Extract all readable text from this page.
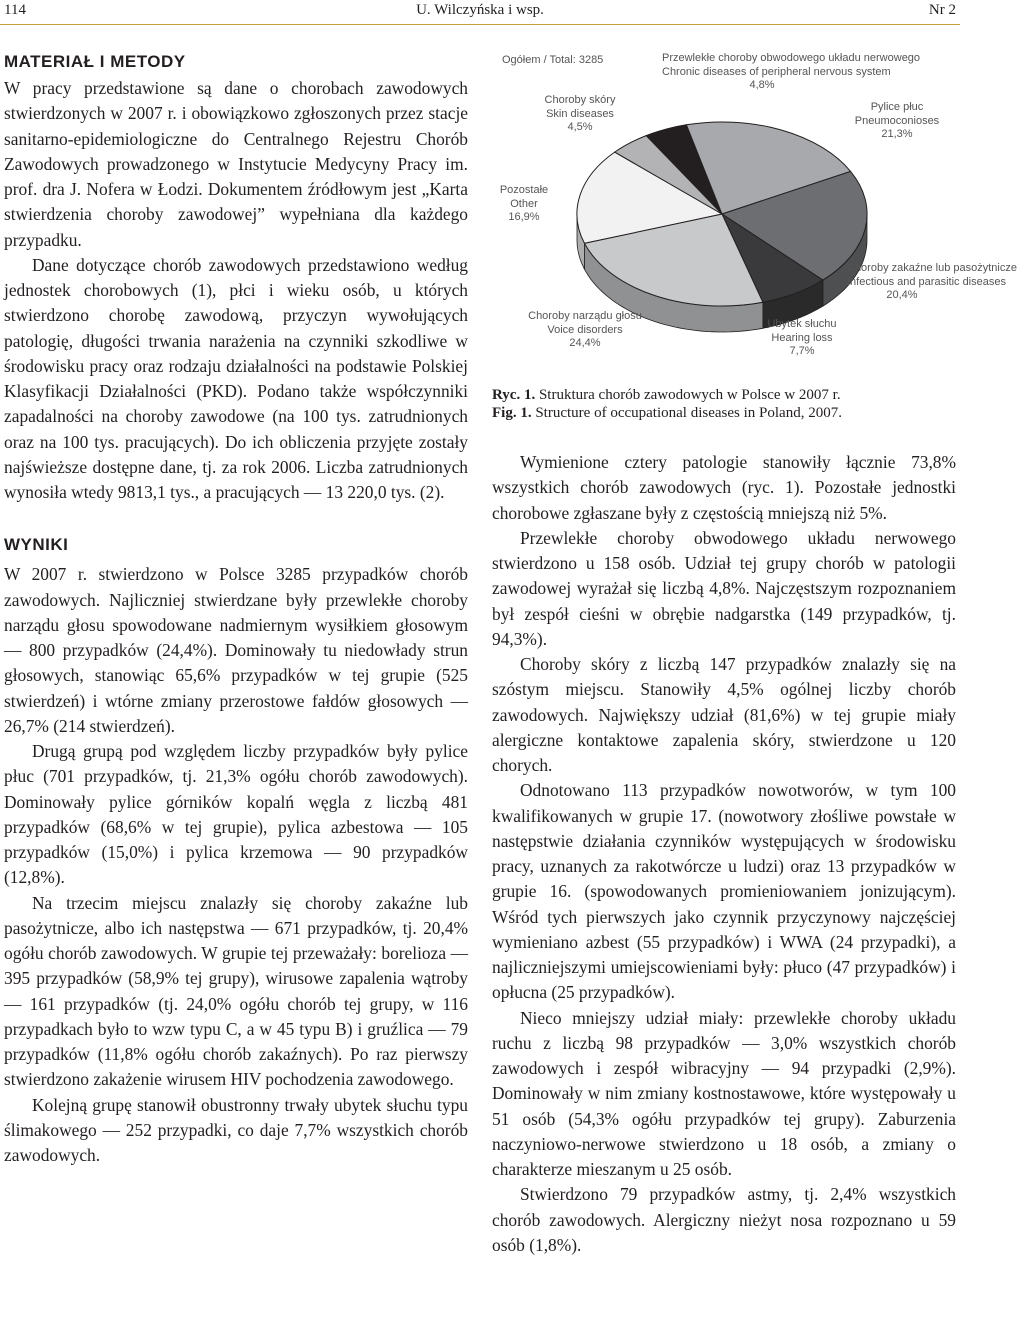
114	U. Wilczyńska i wsp.	Nr 2
MATERIAŁ I METODY

W pracy przedstawione są dane o chorobach zawodowych stwierdzonych w 2007 r. i obowiązkowo zgłoszonych przez stacje sanitarno-epidemiologiczne do Centralnego Rejestru Chorób Zawodowych prowadzonego w Instytucie Medycyny Pracy im. prof. dra J. Nofera w Łodzi. Dokumentem źródłowym jest „Karta stwierdzenia choroby zawodowej” wypełniana dla każdego przypadku.

Dane dotyczące chorób zawodowych przedstawiono według jednostek chorobowych (1), płci i wieku osób, u których stwierdzono chorobę zawodową, przyczyn wywołujących patologię, długości trwania narażenia na czynniki szkodliwe w środowisku pracy oraz rodzaju działalności na podstawie Polskiej Klasyfikacji Działalności (PKD). Podano także współczynniki zapadalności na choroby zawodowe (na 100 tys. zatrudnionych oraz na 100 tys. pracujących). Do ich obliczenia przyjęte zostały najświeższe dostępne dane, tj. za rok 2006. Liczba zatrudnionych wynosiła wtedy 9813,1 tys., a pracujących — 13 220,0 tys. (2).

WYNIKI

W 2007 r. stwierdzono w Polsce 3285 przypadków chorób zawodowych. Najliczniej stwierdzane były przewlekłe choroby narządu głosu spowodowane nadmiernym wysiłkiem głosowym — 800 przypadków (24,4%). Dominowały tu niedowłady strun głosowych, stanowiąc 65,6% przypadków w tej grupie (525 stwierdzeń) i wtórne zmiany przerostowe fałdów głosowych — 26,7% (214 stwierdzeń).

Drugą grupą pod względem liczby przypadków były pylice płuc (701 przypadków, tj. 21,3% ogółu chorób zawodowych). Dominowały pylice górników kopalń węgla z liczbą 481 przypadków (68,6% w tej grupie), pylica azbestowa — 105 przypadków (15,0%) i pylica krzemowa — 90 przypadków (12,8%).

Na trzecim miejscu znalazły się choroby zakaźne lub pasożytnicze, albo ich następstwa — 671 przypadków, tj. 20,4% ogółu chorób zawodowych. W grupie tej przeważały: borelioza — 395 przypadków (58,9% tej grupy), wirusowe zapalenia wątroby — 161 przypadków (tj. 24,0% ogółu chorób tej grupy, w 116 przypadkach było to wzw typu C, a w 45 typu B) i gruźlica — 79 przypadków (11,8% ogółu chorób zakaźnych). Po raz pierwszy stwierdzono zakażenie wirusem HIV pochodzenia zawodowego.

Kolejną grupę stanowił obustronny trwały ubytek słuchu typu ślimakowego — 252 przypadki, co daje 7,7% wszystkich chorób zawodowych.

Ogółem / Total: 3285	Przewlekłe choroby obwodowego układu nerwowego
Chronic diseases of peripheral nervous system
4,8%
Pylice płuc
Pneumoconioses
21,3%
Choroby zakaźne lub pasożytnicze
Infectious and parasitic diseases
20,4%
Ubytek słuchu
Hearing loss
7,7%
Choroby narządu głosu
Voice disorders
24,4%
Pozostałe
Other
16,9%
Choroby skóry
Skin diseases
4,5%
Ryc. 1. Struktura chorób zawodowych w Polsce w 2007 r.
Fig. 1. Structure of occupational diseases in Poland, 2007.

Wymienione cztery patologie stanowiły łącznie 73,8% wszystkich chorób zawodowych (ryc. 1). Pozostałe jednostki chorobowe zgłaszane były z częstością mniejszą niż 5%.

Przewlekłe choroby obwodowego układu nerwowego stwierdzono u 158 osób. Udział tej grupy chorób w patologii zawodowej wyrażał się liczbą 4,8%. Najczęstszym rozpoznaniem był zespół cieśni w obrębie nadgarstka (149 przypadków, tj. 94,3%).

Choroby skóry z liczbą 147 przypadków znalazły się na szóstym miejscu. Stanowiły 4,5% ogólnej liczby chorób zawodowych. Największy udział (81,6%) w tej grupie miały alergiczne kontaktowe zapalenia skóry, stwierdzone u 120 chorych.

Odnotowano 113 przypadków nowotworów, w tym 100 kwalifikowanych w grupie 17. (nowotwory złośliwe powstałe w następstwie działania czynników występujących w środowisku pracy, uznanych za rakotwórcze u ludzi) oraz 13 przypadków w grupie 16. (spowodowanych promieniowaniem jonizującym). Wśród tych pierwszych jako czynnik przyczynowy najczęściej wymieniano azbest (55 przypadków) i WWA (24 przypadki), a najliczniejszymi umiejscowieniami były: płuco (47 przypadków) i opłucna (25 przypadków).

Nieco mniejszy udział miały: przewlekłe choroby układu ruchu z liczbą 98 przypadków — 3,0% wszystkich chorób zawodowych i zespół wibracyjny — 94 przypadki (2,9%). Dominowały w nim zmiany kostnostawowe, które występowały u 51 osób (54,3% ogółu przypadków tej grupy). Zaburzenia naczyniowo-nerwowe stwierdzono u 18 osób, a zmiany o charakterze mieszanym u 25 osób.

Stwierdzono 79 przypadków astmy, tj. 2,4% wszystkich chorób zawodowych. Alergiczny nieżyt nosa rozpoznano u 59 osób (1,8%).
